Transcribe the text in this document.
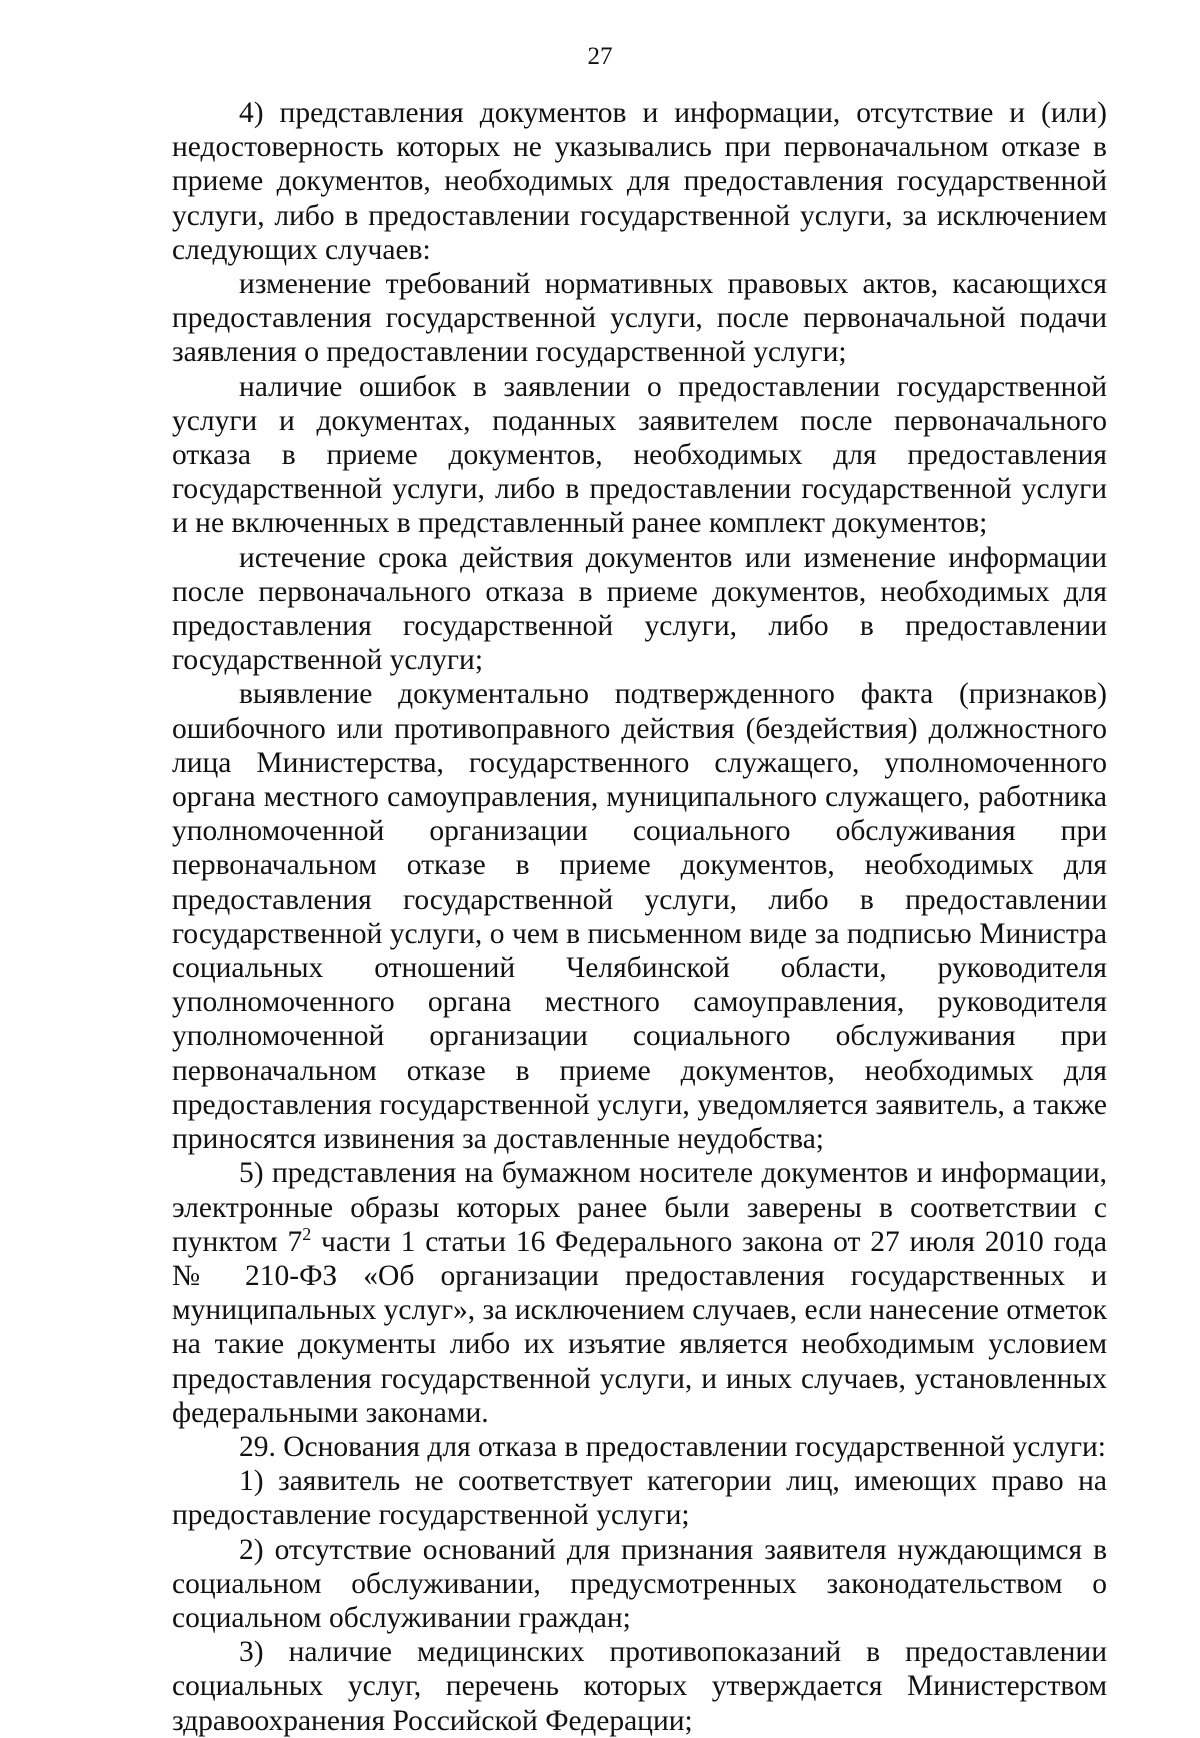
27

4) представления документов и информации, отсутствие и (или) недостоверность которых не указывались при первоначальном отказе в приеме документов, необходимых для предоставления государственной услуги, либо в предоставлении государственной услуги, за исключением следующих случаев:

изменение требований нормативных правовых актов, касающихся предоставления государственной услуги, после первоначальной подачи заявления о предоставлении государственной услуги;

наличие ошибок в заявлении о предоставлении государственной услуги и документах, поданных заявителем после первоначального отказа в приеме документов, необходимых для предоставления государственной услуги, либо в предоставлении государственной услуги и не включенных в представленный ранее комплект документов;

истечение срока действия документов или изменение информации после первоначального отказа в приеме документов, необходимых для предоставления государственной услуги, либо в предоставлении государственной услуги;

выявление документально подтвержденного факта (признаков) ошибочного или противоправного действия (бездействия) должностного лица Министерства, государственного служащего, уполномоченного органа местного самоуправления, муниципального служащего, работника уполномоченной организации социального обслуживания при первоначальном отказе в приеме документов, необходимых для предоставления государственной услуги, либо в предоставлении государственной услуги, о чем в письменном виде за подписью Министра социальных отношений Челябинской области, руководителя уполномоченного органа местного самоуправления, руководителя уполномоченной организации социального обслуживания при первоначальном отказе в приеме документов, необходимых для предоставления государственной услуги, уведомляется заявитель, а также приносятся извинения за доставленные неудобства;

5) представления на бумажном носителе документов и информации, электронные образы которых ранее были заверены в соответствии с пунктом $7^2$ части 1 статьи 16 Федерального закона от 27 июля 2010 года № 210-ФЗ «Об организации предоставления государственных и муниципальных услуг», за исключением случаев, если нанесение отметок на такие документы либо их изъятие является необходимым условием предоставления государственной услуги, и иных случаев, установленных федеральными законами.

29. Основания для отказа в предоставлении государственной услуги:

1) заявитель не соответствует категории лиц, имеющих право на предоставление государственной услуги;

2) отсутствие оснований для признания заявителя нуждающимся в социальном обслуживании, предусмотренных законодательством о социальном обслуживании граждан;

3) наличие медицинских противопоказаний в предоставлении социальных услуг, перечень которых утверждается Министерством здравоохранения Российской Федерации;
